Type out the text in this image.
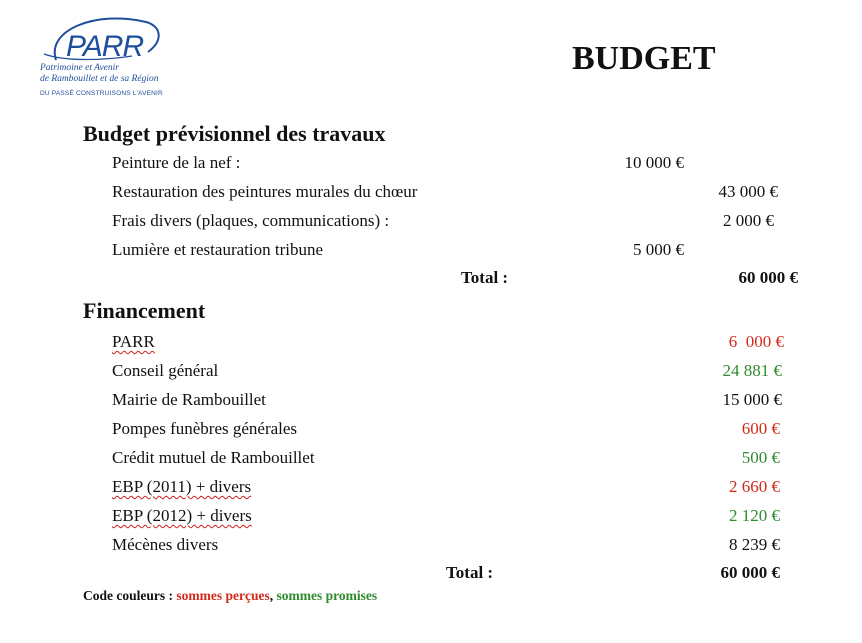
PARR
Patrimoine et Avenir
de Rambouillet et de sa Région
DU PASSÉ CONSTRUISONS L'AVENIR
BUDGET
Budget prévisionnel des travaux
Peinture de la nef :	10 000 €
Restauration des peintures murales du chœur	43 000 €
Frais divers (plaques, communications) :	2 000 €
Lumière et restauration tribune	5 000 €
Total :	60 000 €
Financement
PARR	6  000 €
Conseil général	24 881 €
Mairie de Rambouillet	15 000 €
Pompes funèbres générales	600 €
Crédit mutuel de Rambouillet	500 €
EBP (2011) + divers	2 660 €
EBP (2012) + divers	2 120 €
Mécènes divers	8 239 €
Total :	60 000 €
Code couleurs : sommes perçues, sommes promises
